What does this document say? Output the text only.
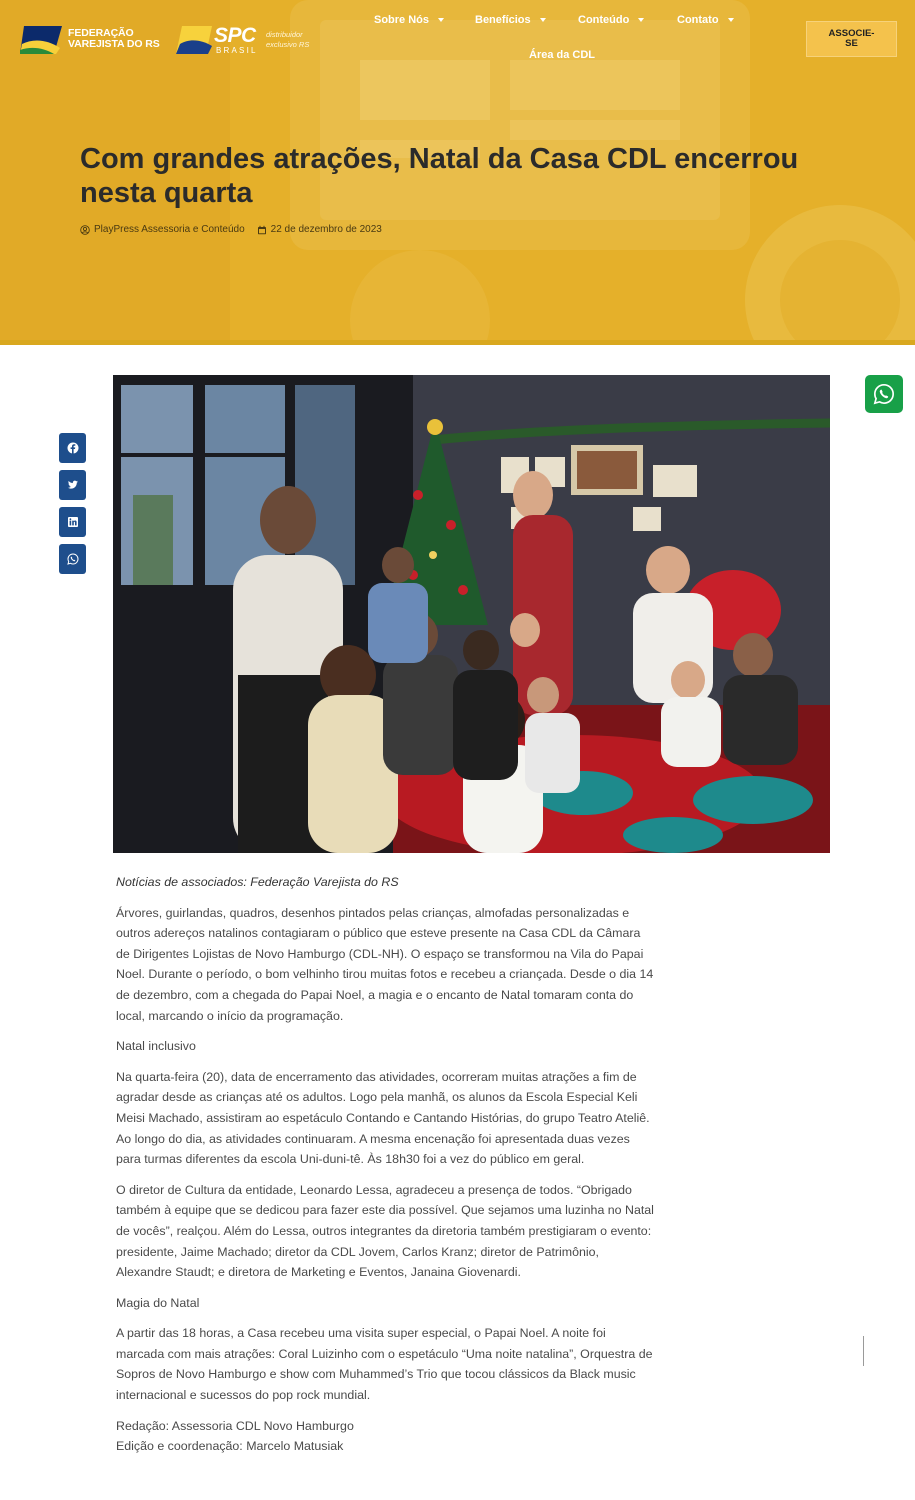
FEDERAÇÃO
VAREJISTA DO RS	SPC
BRASIL
distribuidor
exclusivo RS
Sobre Nós	Benefícios	Conteúdo	Contato
Área da CDL
ASSOCIE-
SE
Com grandes atrações, Natal da Casa CDL encerrou nesta quarta
PlayPress Assessoria e Conteúdo	22 de dezembro de 2023

Notícias de associados: Federação Varejista do RS

Árvores, guirlandas, quadros, desenhos pintados pelas crianças, almofadas personalizadas e outros adereços natalinos contagiaram o público que esteve presente na Casa CDL da Câmara de Dirigentes Lojistas de Novo Hamburgo (CDL-NH). O espaço se transformou na Vila do Papai Noel. Durante o período, o bom velhinho tirou muitas fotos e recebeu a criançada. Desde o dia 14 de dezembro, com a chegada do Papai Noel, a magia e o encanto de Natal tomaram conta do local, marcando o início da programação.

Natal inclusivo

Na quarta-feira (20), data de encerramento das atividades, ocorreram muitas atrações a fim de agradar desde as crianças até os adultos. Logo pela manhã, os alunos da Escola Especial Keli Meisi Machado, assistiram ao espetáculo Contando e Cantando Histórias, do grupo Teatro Ateliê. Ao longo do dia, as atividades continuaram. A mesma encenação foi apresentada duas vezes para turmas diferentes da escola Uni-duni-tê. Às 18h30 foi a vez do público em geral.

O diretor de Cultura da entidade, Leonardo Lessa, agradeceu a presença de todos. “Obrigado também à equipe que se dedicou para fazer este dia possível. Que sejamos uma luzinha no Natal de vocês”, realçou. Além do Lessa, outros integrantes da diretoria também prestigiaram o evento: presidente, Jaime Machado; diretor da CDL Jovem, Carlos Kranz; diretor de Patrimônio, Alexandre Staudt; e diretora de Marketing e Eventos, Janaina Giovenardi.

Magia do Natal

A partir das 18 horas, a Casa recebeu uma visita super especial, o Papai Noel. A noite foi marcada com mais atrações: Coral Luizinho com o espetáculo “Uma noite natalina”, Orquestra de Sopros de Novo Hamburgo e show com Muhammed’s Trio que tocou clássicos da Black music internacional e sucessos do pop rock mundial.

Redação: Assessoria CDL Novo Hamburgo
Edição e coordenação: Marcelo Matusiak
